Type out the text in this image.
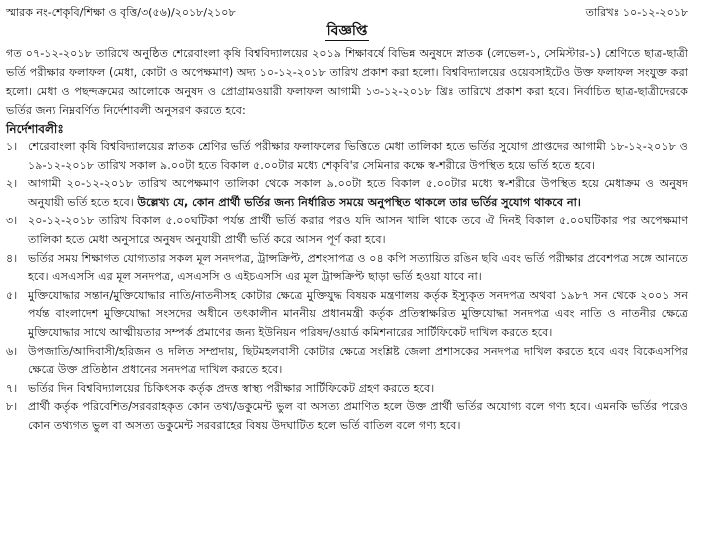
স্মারক নং-শেকৃবি/শিক্ষা ও বৃত্তি/৩(৫৬)/২০১৮/২১০৮	তারিখঃ ১০-১২-২০১৮
বিজ্ঞপ্তি

গত ০৭-১২-২০১৮ তারিখে অনুষ্ঠিত শেরেবাংলা কৃষি বিশ্ববিদ্যালয়ের ২০১৯ শিক্ষাবর্ষে বিভিন্ন অনুষদে স্নাতক (লেভেল-১, সেমিস্টার-১) শ্রেণিতে ছাত্র-ছাত্রী ভর্তি পরীক্ষার ফলাফল (মেধা, কোটা ও অপেক্ষমাণ) অদ্য ১০-১২-২০১৮ তারিখ প্রকাশ করা হলো। বিশ্ববিদ্যালয়ের ওয়েবসাইটেও উক্ত ফলাফল সংযুক্ত করা হলো। মেধা ও পছন্দক্রমের আলোকে অনুষদ ও প্রোগ্রামওয়ারী ফলাফল আগামী ১৩-১২-২০১৮ খ্রিঃ তারিখে প্রকাশ করা হবে। নির্বাচিত ছাত্র-ছাত্রীদেরকে ভর্তির জন্য নিম্নবর্ণিত নির্দেশাবলী অনুসরণ করতে হবে:

নির্দেশাবলীঃ
১। শেরেবাংলা কৃষি বিশ্ববিদ্যালয়ের স্নাতক শ্রেণির ভর্তি পরীক্ষার ফলাফলের ভিত্তিতে মেধা তালিকা হতে ভর্তির সুযোগ প্রাপ্তদের আগামী ১৮-১২-২০১৮ ও ১৯-১২-২০১৮ তারিখ সকাল ৯.০০টা হতে বিকাল ৫.০০টার মধ্যে শেকৃবি'র সেমিনার কক্ষে স্ব-শরীরে উপস্থিত হয়ে ভর্তি হতে হবে।
২। আগামী ২০-১২-২০১৮ তারিখ অপেক্ষমাণ তালিকা থেকে সকাল ৯.০০টা হতে বিকাল ৫.০০টার মধ্যে স্ব-শরীরে উপস্থিত হয়ে মেধাক্রম ও অনুষদ অনুযায়ী ভর্তি হতে হবে। উল্লেখ্য যে, কোন প্রার্থী ভর্তির জন্য নির্ধারিত সময়ে অনুপস্থিত থাকলে তার ভর্তির সুযোগ থাকবে না।
৩। ২০-১২-২০১৮ তারিখ বিকাল ৫.০০ঘটিকা পর্যন্ত প্রার্থী ভর্তি করার পরও যদি আসন খালি থাকে তবে ঐ দিনই বিকাল ৫.০০ঘটিকার পর অপেক্ষমাণ তালিকা হতে মেধা অনুসারে অনুষদ অনুযায়ী প্রার্থী ভর্তি করে আসন পূর্ণ করা হবে।
৪। ভর্তির সময় শিক্ষাগত যোগ্যতার সকল মূল সনদপত্র, ট্রান্সক্রিপ্ট, প্রশংসাপত্র ও ০৪ কপি সত্যায়িত রঙিন ছবি এবং ভর্তি পরীক্ষার প্রবেশপত্র সঙ্গে আনতে হবে। এসএসসি এর মূল সনদপত্র, এসএসসি ও এইচএসসি এর মূল ট্রান্সক্রিপ্ট ছাড়া ভর্তি হওয়া যাবে না।
৫। মুক্তিযোদ্ধার সন্তান/মুক্তিযোদ্ধার নাতি/নাতনীসহ কোটার ক্ষেত্রে মুক্তিযুদ্ধ বিষয়ক মন্ত্রণালয় কর্তৃক ইস্যুকৃত সনদপত্র অথবা ১৯৮৭ সন থেকে ২০০১ সন পর্যন্ত বাংলাদেশ মুক্তিযোদ্ধা সংসদের অধীনে তৎকালীন মাননীয় প্রধানমন্ত্রী কর্তৃক প্রতিস্বাক্ষরিত মুক্তিযোদ্ধা সনদপত্র এবং নাতি ও নাতনীর ক্ষেত্রে মুক্তিযোদ্ধার সাথে আত্মীয়তার সম্পর্ক প্রমাণের জন্য ইউনিয়ন পরিষদ/ওয়ার্ড কমিশনারের সার্টিফিকেট দাখিল করতে হবে।
৬। উপজাতি/আদিবাসী/হরিজন ও দলিত সম্প্রদায়, ছিটমহলবাসী কোটার ক্ষেত্রে সংশ্লিষ্ট জেলা প্রশাসকের সনদপত্র দাখিল করতে হবে এবং বিকেএসপির ক্ষেত্রে উক্ত প্রতিষ্ঠান প্রধানের সনদপত্র দাখিল করতে হবে।
৭। ভর্তির দিন বিশ্ববিদ্যালয়ের চিকিৎসক কর্তৃক প্রদত্ত স্বাস্থ্য পরীক্ষার সার্টিফিকেট গ্রহণ করতে হবে।
৮। প্রার্থী কর্তৃক পরিবেশিত/সরবরাহকৃত কোন তথ্য/ডকুমেন্ট ভুল বা অসত্য প্রমাণিত হলে উক্ত প্রার্থী ভর্তির অযোগ্য বলে গণ্য হবে। এমনকি ভর্তির পরেও কোন তথ্যগত ভুল বা অসত্য ডকুমেন্ট সরবরাহের বিষয় উদঘাটিত হলে ভর্তি বাতিল বলে গণ্য হবে।
